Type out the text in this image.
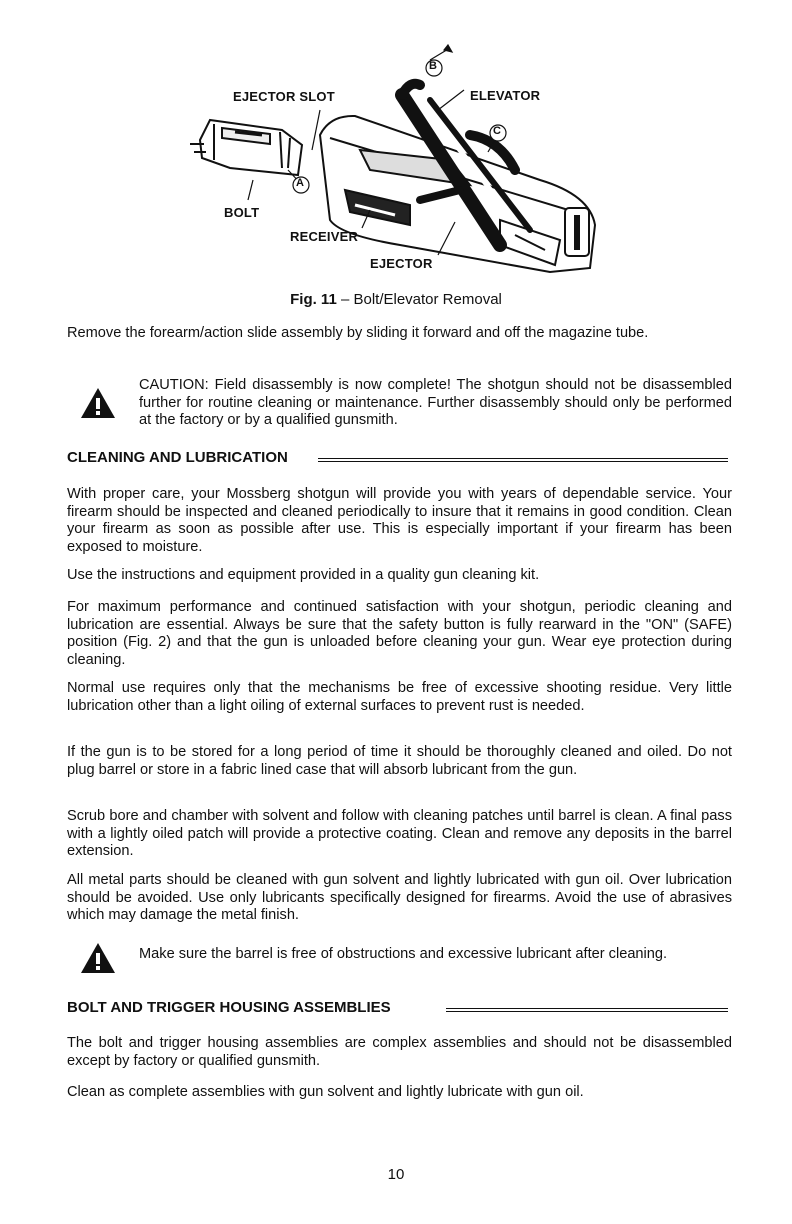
B
C
A
EJECTOR SLOT	ELEVATOR
BOLT
RECEIVER
EJECTOR
Fig. 11 – Bolt/Elevator Removal

Remove the forearm/action slide assembly by sliding it forward and off the magazine tube.

CAUTION: Field disassembly is now complete! The shotgun should not be disassembled further for routine cleaning or maintenance. Further disassembly should only be performed at the factory or by a qualified gunsmith.

CLEANING AND LUBRICATION

With proper care, your Mossberg shotgun will provide you with years of dependable service. Your firearm should be inspected and cleaned periodically to insure that it remains in good condition. Clean your firearm as soon as possible after use. This is especially important if your firearm has been exposed to moisture.

Use the instructions and equipment provided in a quality gun cleaning kit.

For maximum performance and continued satisfaction with your shotgun, periodic cleaning and lubrication are essential. Always be sure that the safety button is fully rearward in the "ON" (SAFE) position (Fig. 2) and that the gun is unloaded before cleaning your gun. Wear eye protection during cleaning.

Normal use requires only that the mechanisms be free of excessive shooting residue. Very little lubrication other than a light oiling of external surfaces to prevent rust is needed.

If the gun is to be stored for a long period of time it should be thoroughly cleaned and oiled. Do not plug barrel or store in a fabric lined case that will absorb lubricant from the gun.

Scrub bore and chamber with solvent and follow with cleaning patches until barrel is clean. A final pass with a lightly oiled patch will provide a protective coating. Clean and remove any deposits in the barrel extension.

All metal parts should be cleaned with gun solvent and lightly lubricated with gun oil. Over lubrication should be avoided. Use only lubricants specifically designed for firearms. Avoid the use of abrasives which may damage the metal finish.

Make sure the barrel is free of obstructions and excessive lubricant after cleaning.

BOLT AND TRIGGER HOUSING ASSEMBLIES

The bolt and trigger housing assemblies are complex assemblies and should not be disassembled except by factory or qualified gunsmith.

Clean as complete assemblies with gun solvent and lightly lubricate with gun oil.

10
